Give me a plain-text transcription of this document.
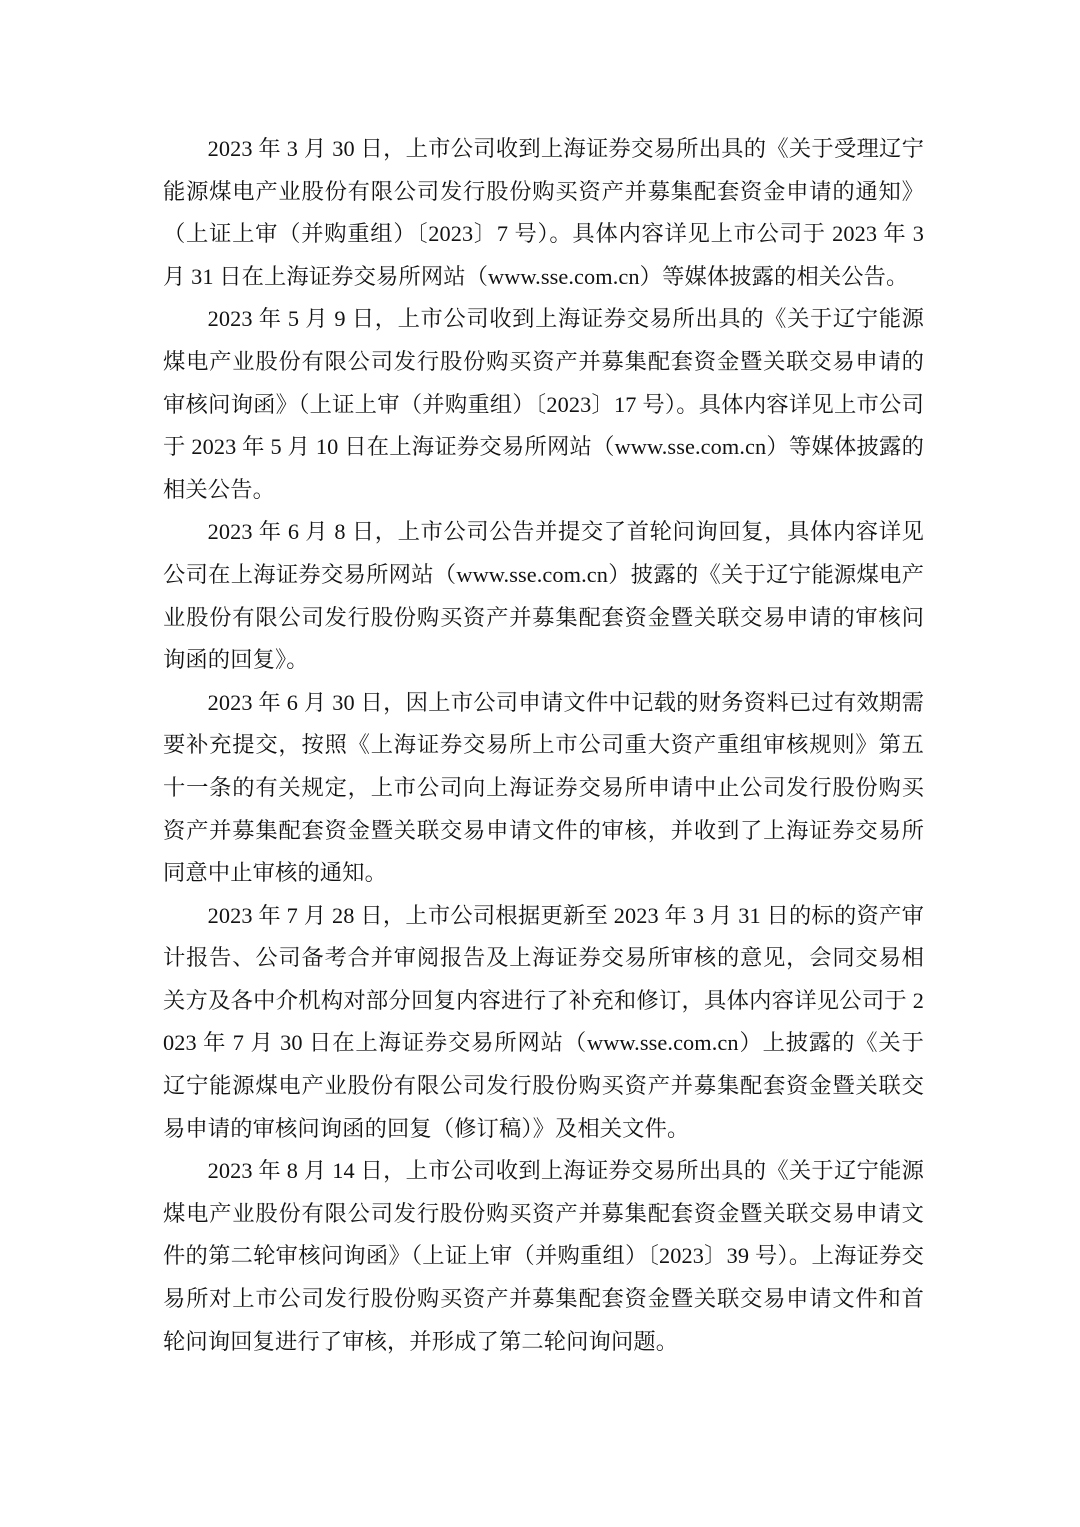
2023 年 3 月 30 日，上市公司收到上海证券交易所出具的《关于受理辽宁能源煤电产业股份有限公司发行股份购买资产并募集配套资金申请的通知》（上证上审（并购重组）〔2023〕7 号）。具体内容详见上市公司于 2023 年 3 月 31 日在上海证券交易所网站（www.sse.com.cn）等媒体披露的相关公告。

2023 年 5 月 9 日，上市公司收到上海证券交易所出具的《关于辽宁能源煤电产业股份有限公司发行股份购买资产并募集配套资金暨关联交易申请的审核问询函》（上证上审（并购重组）〔2023〕17 号）。具体内容详见上市公司于 2023 年 5 月 10 日在上海证券交易所网站（www.sse.com.cn）等媒体披露的相关公告。

2023 年 6 月 8 日，上市公司公告并提交了首轮问询回复，具体内容详见公司在上海证券交易所网站（www.sse.com.cn）披露的《关于辽宁能源煤电产业股份有限公司发行股份购买资产并募集配套资金暨关联交易申请的审核问询函的回复》。

2023 年 6 月 30 日，因上市公司申请文件中记载的财务资料已过有效期需要补充提交，按照《上海证券交易所上市公司重大资产重组审核规则》第五十一条的有关规定，上市公司向上海证券交易所申请中止公司发行股份购买资产并募集配套资金暨关联交易申请文件的审核，并收到了上海证券交易所同意中止审核的通知。

2023 年 7 月 28 日，上市公司根据更新至 2023 年 3 月 31 日的标的资产审计报告、公司备考合并审阅报告及上海证券交易所审核的意见，会同交易相关方及各中介机构对部分回复内容进行了补充和修订，具体内容详见公司于 2023 年 7 月 30 日在上海证券交易所网站（www.sse.com.cn）上披露的《关于辽宁能源煤电产业股份有限公司发行股份购买资产并募集配套资金暨关联交易申请的审核问询函的回复（修订稿）》及相关文件。

2023 年 8 月 14 日，上市公司收到上海证券交易所出具的《关于辽宁能源煤电产业股份有限公司发行股份购买资产并募集配套资金暨关联交易申请文件的第二轮审核问询函》（上证上审（并购重组）〔2023〕39 号）。上海证券交易所对上市公司发行股份购买资产并募集配套资金暨关联交易申请文件和首轮问询回复进行了审核，并形成了第二轮问询问题。
